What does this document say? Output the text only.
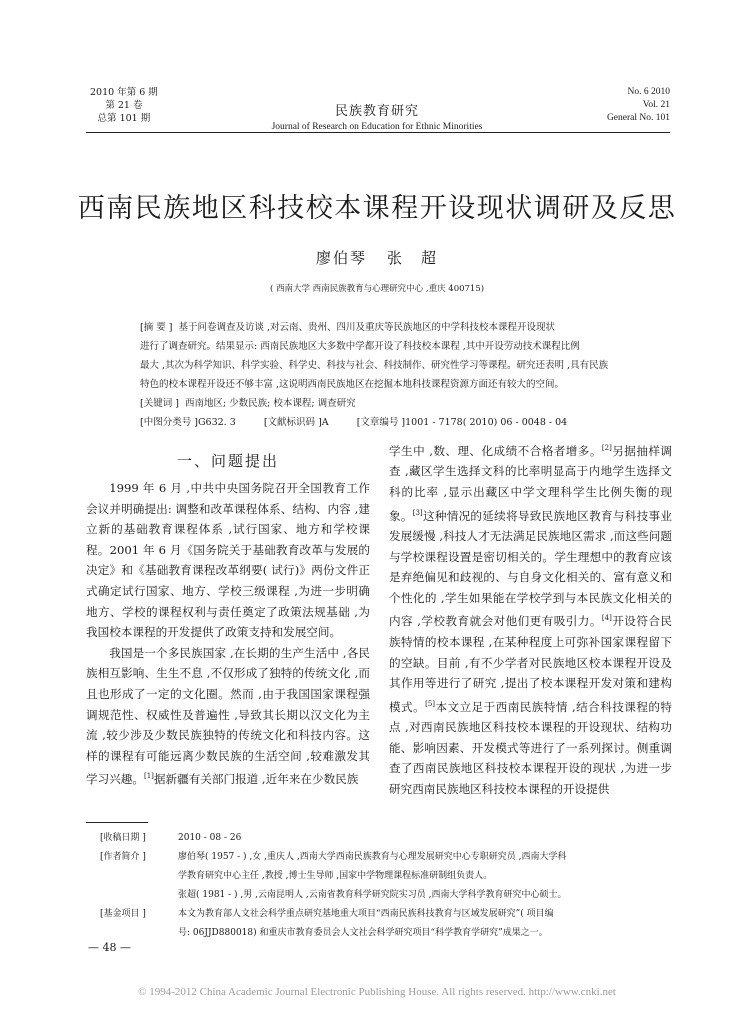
2010 年第 6 期
第 21 卷
总第 101 期	民族教育研究
Journal of Research on Education for Ethnic Minorities
No. 6 2010
Vol. 21
General No. 101
西南民族地区科技校本课程开设现状调研及反思
廖伯琴 张　超
( 西南大学 西南民族教育与心理研究中心 ,重庆 400715)

[摘 要 ] 基于问卷调查及访谈 ,对云南、贵州、四川及重庆等民族地区的中学科技校本课程开设现状

进行了调查研究。结果显示: 西南民族地区大多数中学都开设了科技校本课程 ,其中开设劳动技术课程比例

最大 ,其次为科学知识、科学实验、科学史、科技与社会、科技制作、研究性学习等课程。研究还表明 ,具有民族

特色的校本课程开设还不够丰富 ,这说明西南民族地区在挖掘本地科技课程资源方面还有较大的空间。

[关键词 ] 西南地区; 少数民族; 校本课程; 调查研究

[中图分类号 ]G632. 3	[文献标识码 ]A	[文章编号 ]1001 - 7178( 2010) 06 - 0048 - 04

一、问题提出

1999 年 6 月 ,中共中央国务院召开全国教育工作会议并明确提出: 调整和改革课程体系、结构、内容 ,建立新的基础教育课程体系 ,试行国家、地方和学校课程。2001 年 6 月《国务院关于基础教育改革与发展的决定》和《基础教育课程改革纲要( 试行)》两份文件正式确定试行国家、地方、学校三级课程 ,为进一步明确地方、学校的课程权利与责任奠定了政策法规基础 ,为我国校本课程的开发提供了政策支持和发展空间。

我国是一个多民族国家 ,在长期的生产生活中 ,各民族相互影响、生生不息 ,不仅形成了独特的传统文化 ,而且也形成了一定的文化圈。然而 ,由于我国国家课程强调规范性、权威性及普遍性 ,导致其长期以汉文化为主流 ,较少涉及少数民族独特的传统文化和科技内容。这样的课程有可能远离少数民族的生活空间 ,较难激发其学习兴趣。[1]据新疆有关部门报道 ,近年来在少数民族

学生中 ,数、理、化成绩不合格者增多。[2]另据抽样调查 ,藏区学生选择文科的比率明显高于内地学生选择文科的比率 ,显示出藏区中学文理科学生比例失衡的现象。[3]这种情况的延续将导致民族地区教育与科技事业发展缓慢 ,科技人才无法满足民族地区需求 ,而这些问题与学校课程设置是密切相关的。学生理想中的教育应该是弃绝偏见和歧视的、与自身文化相关的、富有意义和个性化的 ,学生如果能在学校学到与本民族文化相关的内容 ,学校教育就会对他们更有吸引力。[4]开设符合民族特情的校本课程 ,在某种程度上可弥补国家课程留下的空缺。目前 ,有不少学者对民族地区校本课程开设及其作用等进行了研究 ,提出了校本课程开发对策和建构模式。[5]本文立足于西南民族特情 ,结合科技课程的特点 ,对西南民族地区科技校本课程的开设现状、结构功能、影响因素、开发模式等进行了一系列探讨。侧重调查了西南民族地区科技校本课程开设的现状 ,为进一步研究西南民族地区科技校本课程的开设提供

[收稿日期 ]	2010 - 08 - 26
[作者简介 ]	廖伯琴( 1957 - ) ,女 ,重庆人 ,西南大学西南民族教育与心理发展研究中心专职研究员 ,西南大学科
学教育研究中心主任 ,教授 ,博士生导师 ,国家中学物理课程标准研制组负责人。
张超( 1981 - ) ,男 ,云南昆明人 ,云南省教育科学研究院实习员 ,西南大学科学教育研究中心硕士。
[基金项目 ]	本文为教育部人文社会科学重点研究基地重大项目“西南民族科技教育与区域发展研究”( 项目编
号: 06JJD880018) 和重庆市教育委员会人文社会科学研究项目“科学教育学研究”成果之一。
— 48 —
© 1994-2012 China Academic Journal Electronic Publishing House. All rights reserved. http://www.cnki.net
